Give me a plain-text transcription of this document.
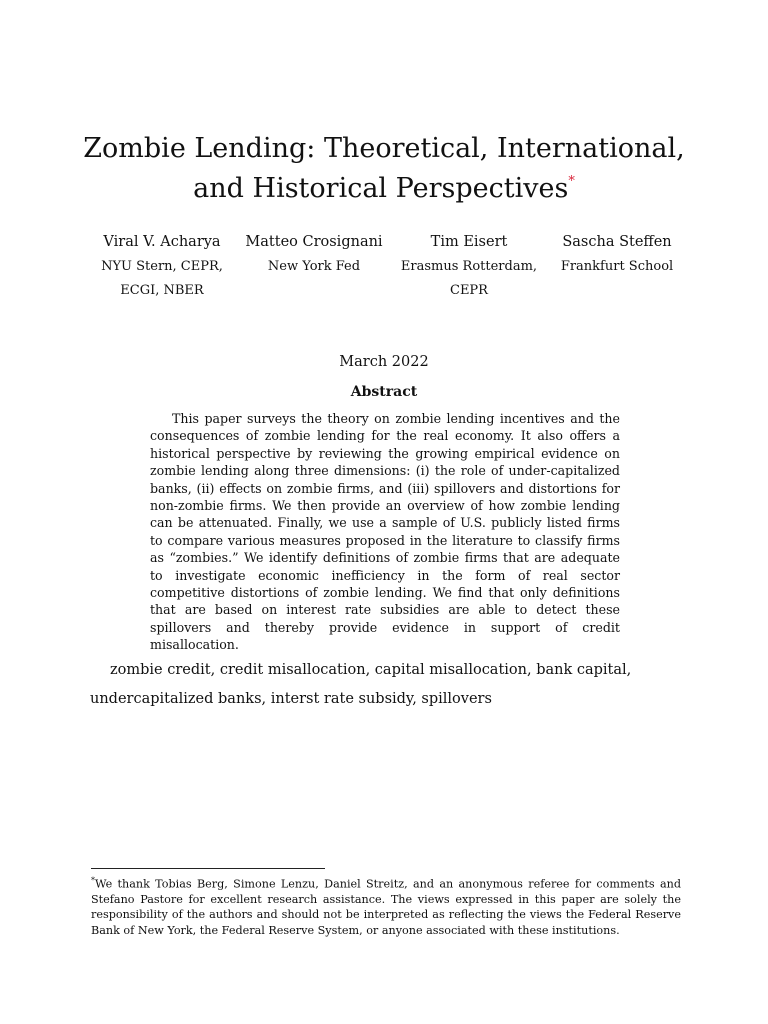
Zombie Lending: Theoretical, International,
and Historical Perspectives*
Viral V. Acharya
NYU Stern, CEPR,
ECGI, NBER
Matteo Crosignani
New York Fed
Tim Eisert
Erasmus Rotterdam,
CEPR
Sascha Steffen
Frankfurt School
March 2022
Abstract

This paper surveys the theory on zombie lending incentives and the consequences of zombie lending for the real economy. It also offers a historical perspective by reviewing the growing empirical evidence on zombie lending along three dimensions: (i) the role of under-capitalized banks, (ii) effects on zombie firms, and (iii) spillovers and distortions for non-zombie firms. We then provide an overview of how zombie lending can be attenuated. Finally, we use a sample of U.S. publicly listed firms to compare various measures proposed in the literature to classify firms as “zombies.” We identify definitions of zombie firms that are adequate to investigate economic inefficiency in the form of real sector competitive distortions of zombie lending. We find that only definitions that are based on interest rate subsidies are able to detect these spillovers and thereby provide evidence in support of credit misallocation.

zombie credit, credit misallocation, capital misallocation, bank capital, undercapitalized banks, interst rate subsidy, spillovers

*We thank Tobias Berg, Simone Lenzu, Daniel Streitz, and an anonymous referee for comments and Stefano Pastore for excellent research assistance. The views expressed in this paper are solely the responsibility of the authors and should not be interpreted as reflecting the views the Federal Reserve Bank of New York, the Federal Reserve System, or anyone associated with these institutions.
